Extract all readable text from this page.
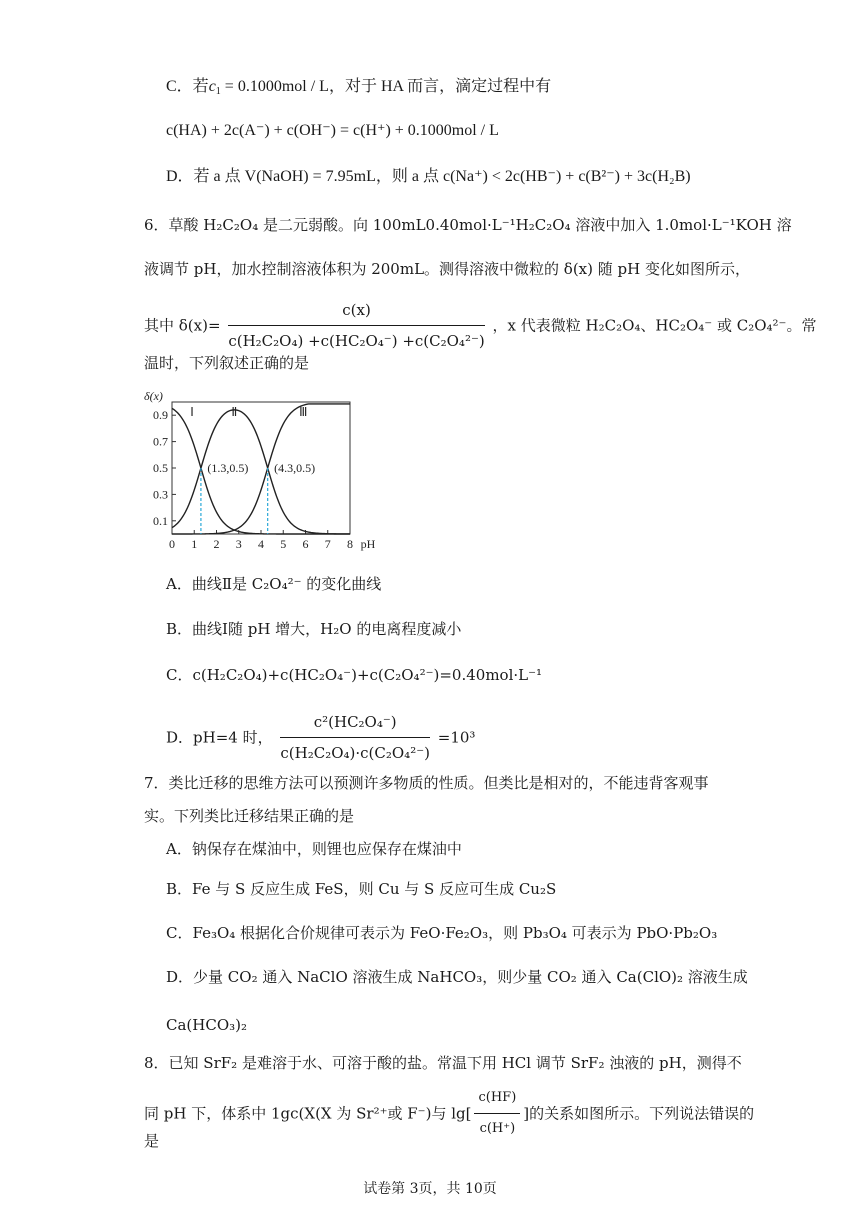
C．若$c_1 = 0.1000mol / L$，对于 HA 而言，滴定过程中有
c(HA) + 2c(A⁻) + c(OH⁻) = c(H⁺) + 0.1000mol / L
D．若 a 点 V(NaOH) = 7.95mL，则 a 点 c(Na⁺) < 2c(HB⁻) + c(B²⁻) + 3c(H₂B)
6．草酸 H₂C₂O₄ 是二元弱酸。向 100mL0.40mol·L⁻¹H₂C₂O₄ 溶液中加入 1.0mol·L⁻¹KOH 溶
液调节 pH，加水控制溶液体积为 200mL。测得溶液中微粒的 δ(x) 随 pH 变化如图所示，
其中 $\delta(x)= \frac{c(x)}{\text{c(H₂C₂O₄) +c(HC₂O₄⁻) +c(C₂O₄²⁻)}}$ ，x 代表微粒 H₂C₂O₄、HC₂O₄⁻ 或 C₂O₄²⁻。常
温时，下列叙述正确的是
0 1 2 3 4 5 6 7 8 pH
0.1
0.3
0.5
0.7
0.9
δ(x)
(1.3,0.5) (4.3,0.5)
Ⅰ	Ⅱ	Ⅲ
A．曲线Ⅱ是 C₂O₄²⁻ 的变化曲线
B．曲线Ⅰ随 pH 增大，H₂O 的电离程度减小
C．c(H₂C₂O₄)+c(HC₂O₄⁻)+c(C₂O₄²⁻)=0.40mol·L⁻¹
D．pH=4 时， $\frac{\text{c²(HC₂O₄⁻)}}{\text{c(H₂C₂O₄)·c(C₂O₄²⁻)}} =10^3$
7．类比迁移的思维方法可以预测许多物质的性质。但类比是相对的，不能违背客观事
实。下列类比迁移结果正确的是
A．钠保存在煤油中，则锂也应保存在煤油中
B．Fe 与 S 反应生成 FeS，则 Cu 与 S 反应可生成 Cu₂S
C．Fe₃O₄ 根据化合价规律可表示为 FeO·Fe₂O₃，则 Pb₃O₄ 可表示为 PbO·Pb₂O₃
D．少量 CO₂ 通入 NaClO 溶液生成 NaHCO₃，则少量 CO₂ 通入 Ca(ClO)₂ 溶液生成
Ca(HCO₃)₂
8．已知 SrF₂ 是难溶于水、可溶于酸的盐。常温下用 HCl 调节 SrF₂ 浊液的 pH，测得不
同 pH 下，体系中 1gc(X(X 为 Sr²⁺或 F⁻)与 $\lg[ \frac{c(HF)}{c(H^+)}$ ]的关系如图所示。下列说法错误的
是
试卷第 3页，共 10页
